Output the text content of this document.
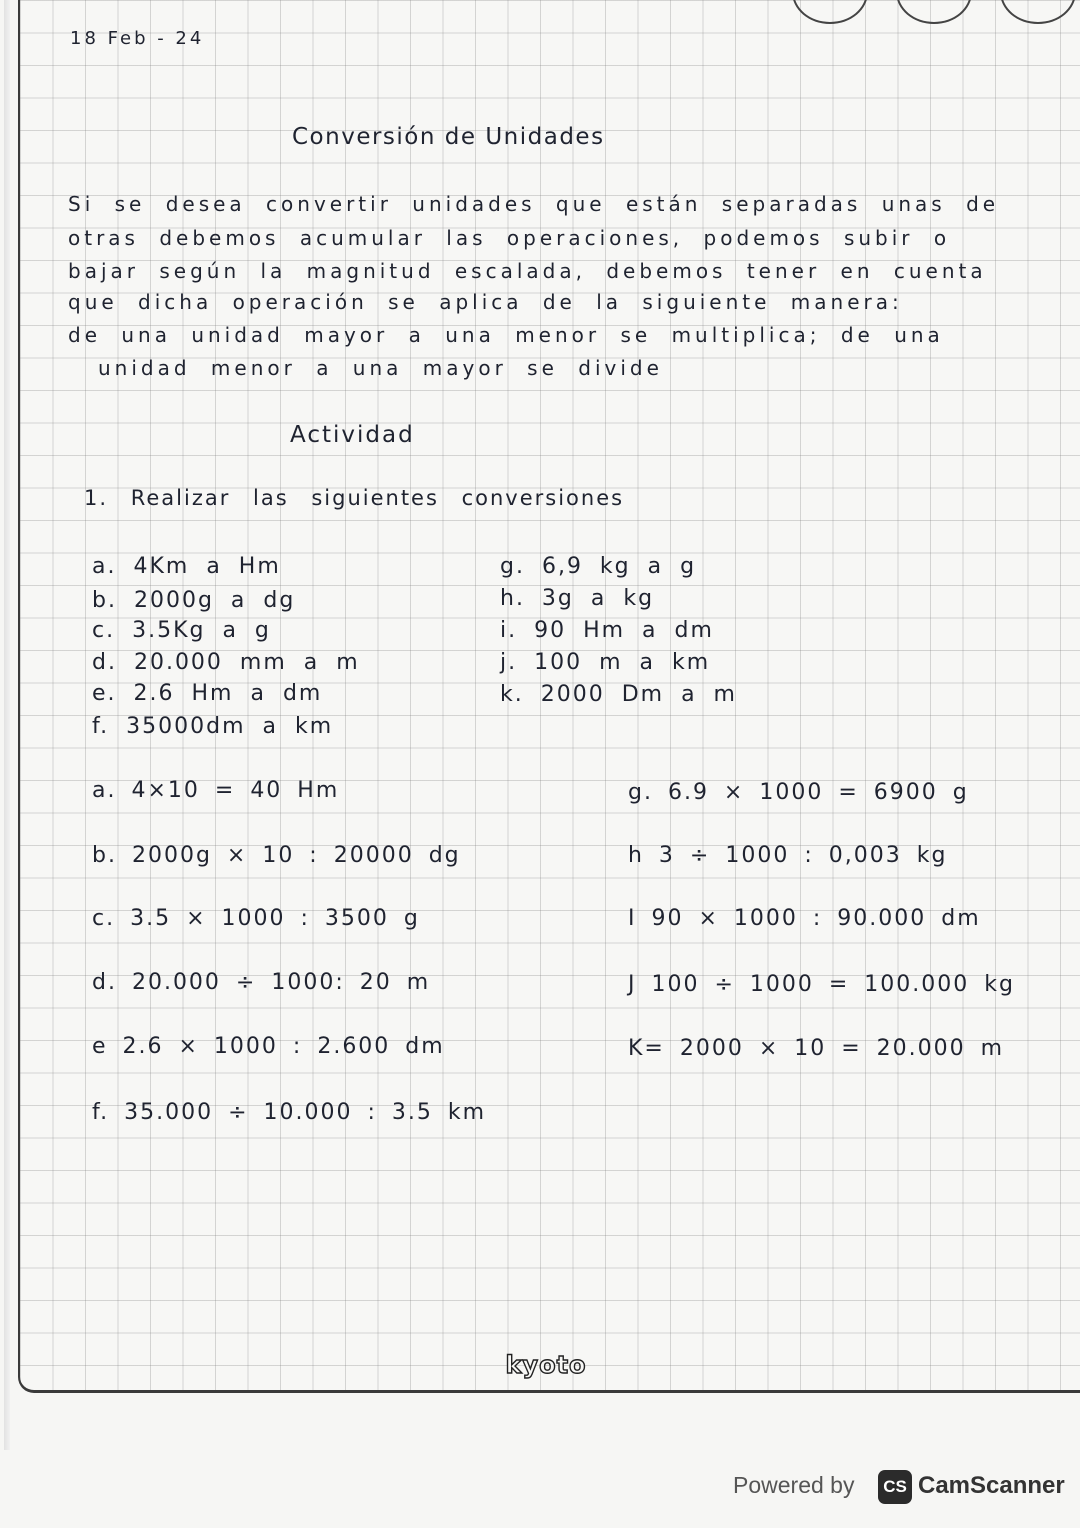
18 Feb - 24
Conversión de Unidades
Si se desea convertir unidades que están separadas unas de
otras debemos acumular las operaciones, podemos subir o
bajar según la magnitud escalada, debemos tener en cuenta
que dicha operación se aplica de la siguiente manera:
de una unidad mayor a una menor se multiplica; de una
unidad menor a una mayor se divide
Actividad
1. Realizar las siguientes conversiones
a. 4Km a Hm
b. 2000g a dg
c. 3.5Kg a g
d. 20.000 mm a m
e. 2.6 Hm a dm
f. 35000dm a km
g. 6,9 kg a g
h. 3g a kg
i. 90 Hm a dm
j. 100 m a km
k. 2000 Dm a m
a. 4×10 = 40 Hm
b. 2000g × 10 : 20000 dg
c. 3.5 × 1000 : 3500 g
d. 20.000 ÷ 1000: 20 m
e 2.6 × 1000 : 2.600 dm
f. 35.000 ÷ 10.000 : 3.5 km
g. 6.9 × 1000 = 6900 g
h 3 ÷ 1000 : 0,003 kg
I 90 × 1000 : 90.000 dm
J 100 ÷ 1000 = 100.000 kg
K= 2000 × 10 = 20.000 m
kyoto
Powered by	CS CamScanner
